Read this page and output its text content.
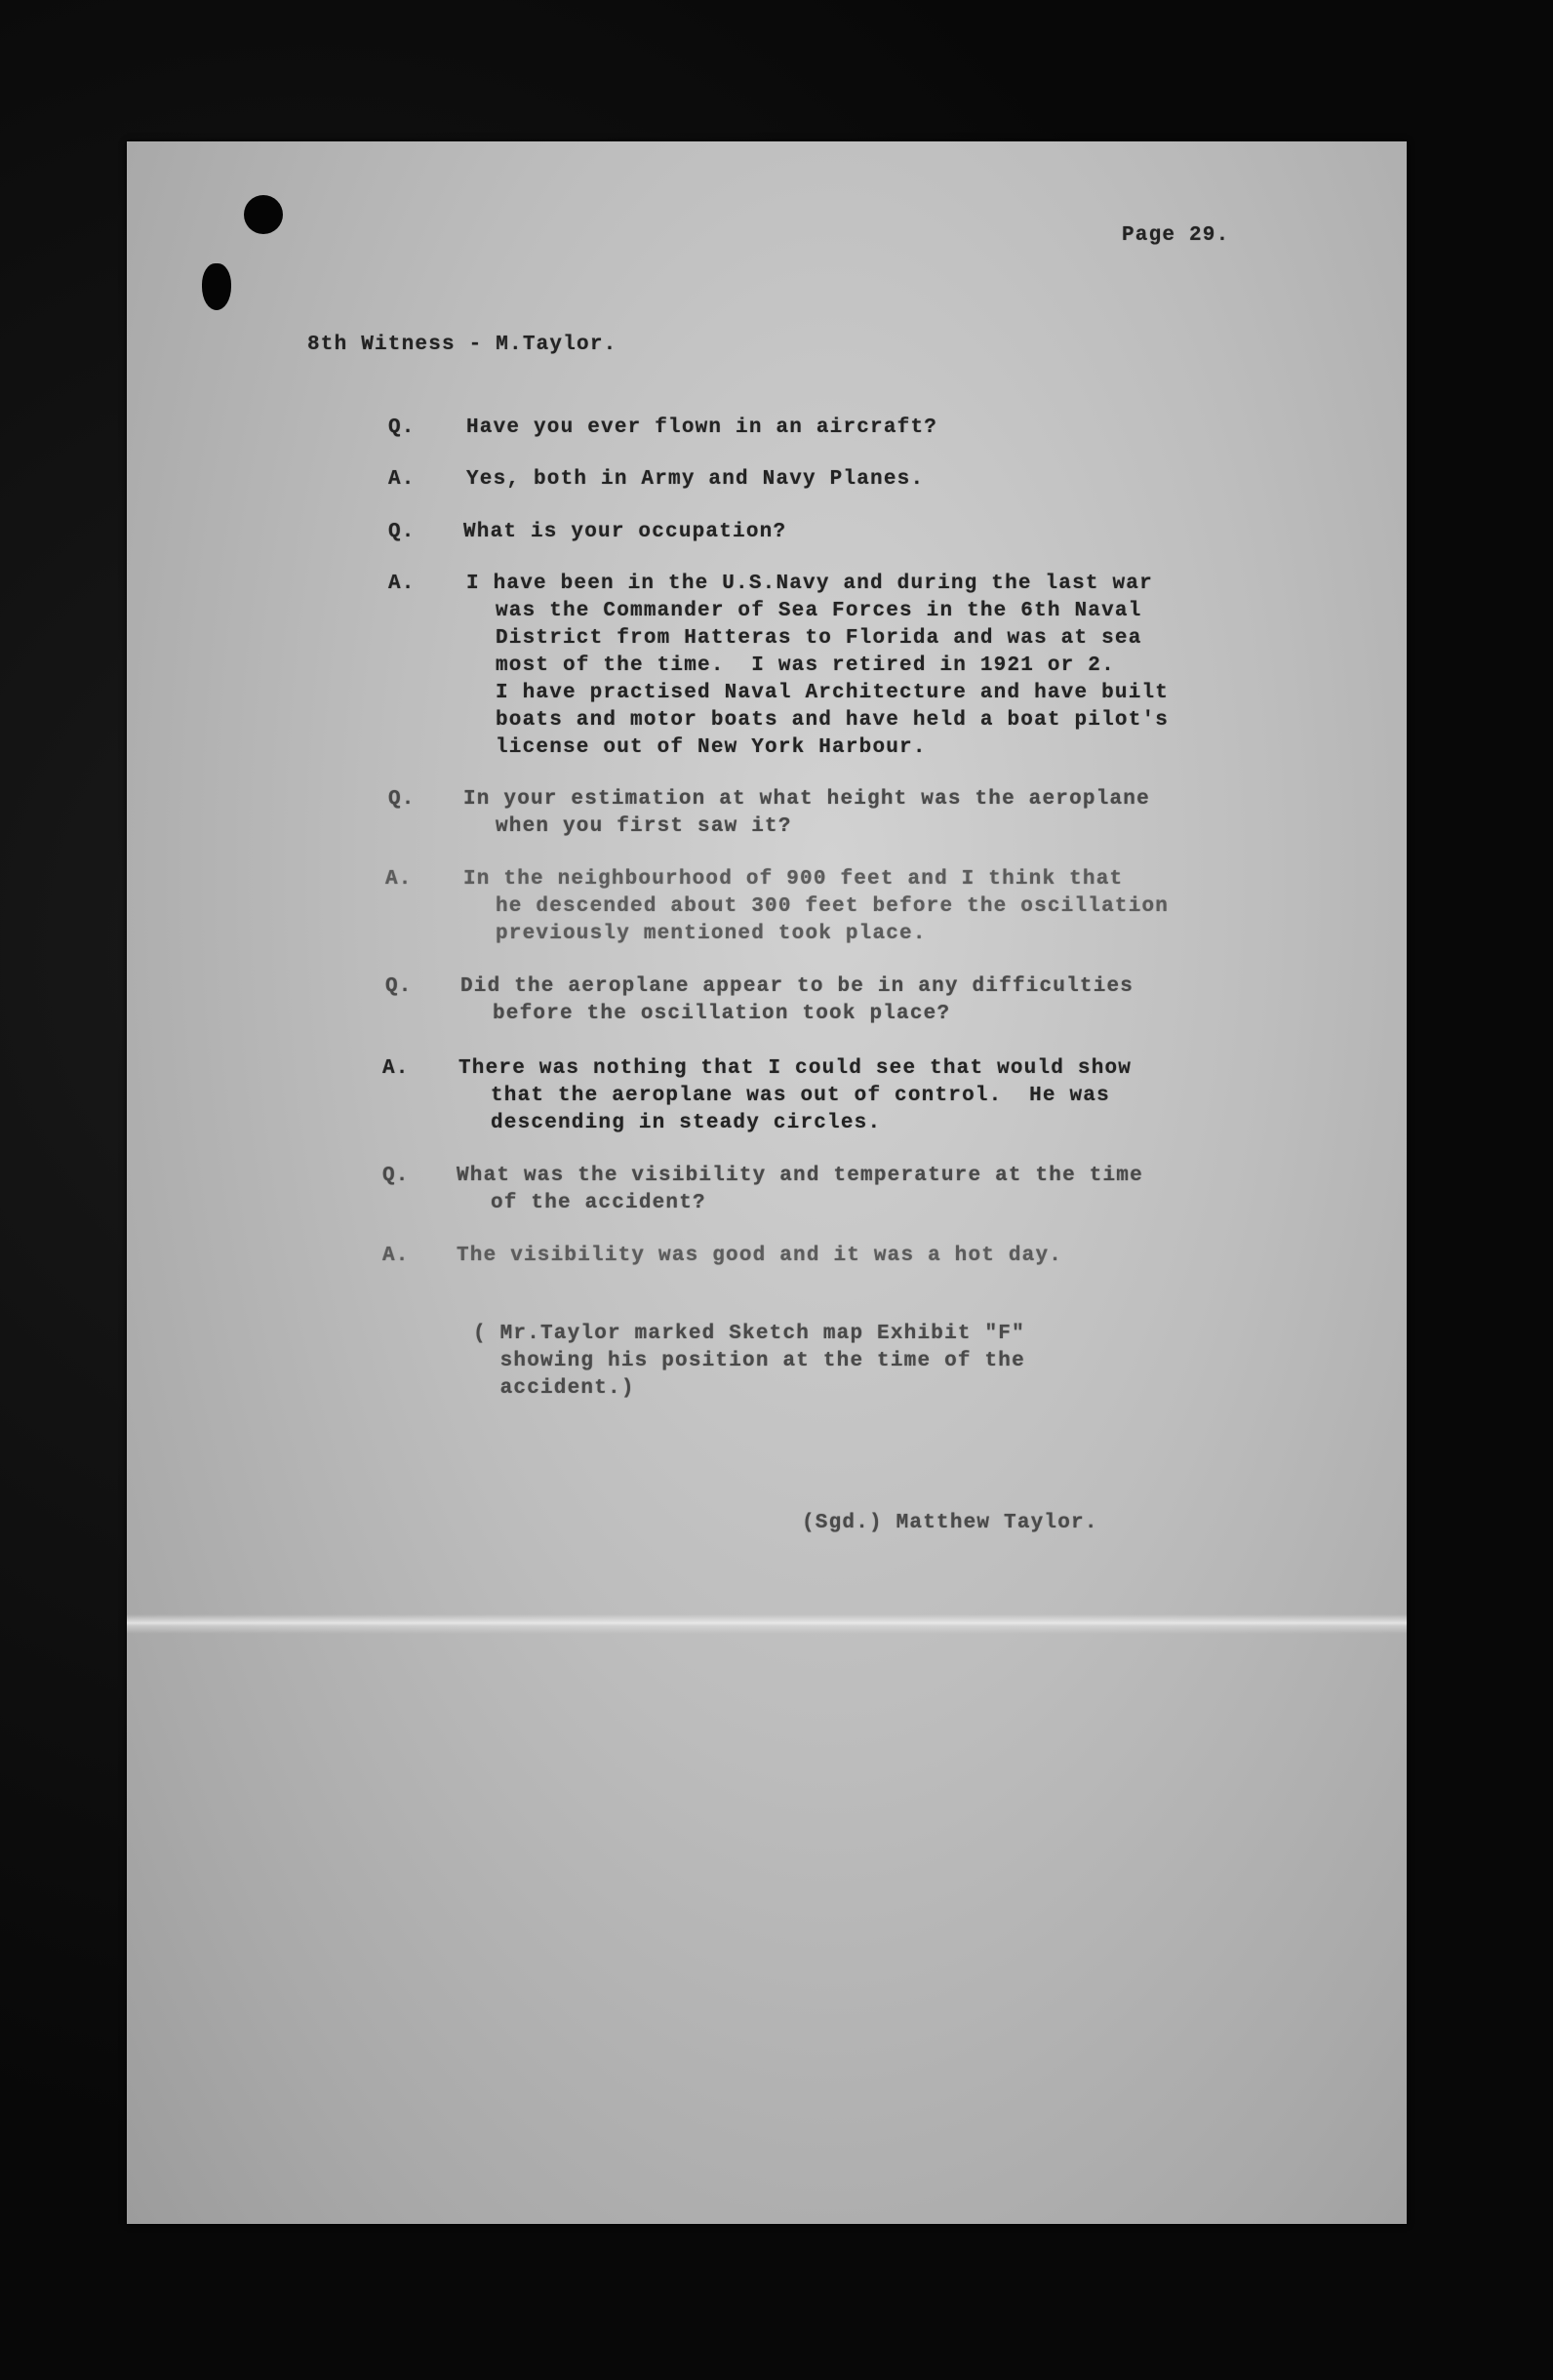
Page 29.
8th Witness - M.Taylor.
Q. Have you ever flown in an aircraft?
A. Yes, both in Army and Navy Planes.
Q. What is your occupation?
A. I have been in the U.S.Navy and during the last war
was the Commander of Sea Forces in the 6th Naval
District from Hatteras to Florida and was at sea
most of the time.  I was retired in 1921 or 2.
I have practised Naval Architecture and have built
boats and motor boats and have held a boat pilot's
license out of New York Harbour.
Q. In your estimation at what height was the aeroplane
when you first saw it?
A. In the neighbourhood of 900 feet and I think that
he descended about 300 feet before the oscillation
previously mentioned took place.
Q. Did the aeroplane appear to be in any difficulties
before the oscillation took place?
A. There was nothing that I could see that would show
that the aeroplane was out of control.  He was
descending in steady circles.
Q. What was the visibility and temperature at the time
of the accident?
A. The visibility was good and it was a hot day.
( Mr.Taylor marked Sketch map Exhibit "F"
showing his position at the time of the
accident.)
(Sgd.) Matthew Taylor.
